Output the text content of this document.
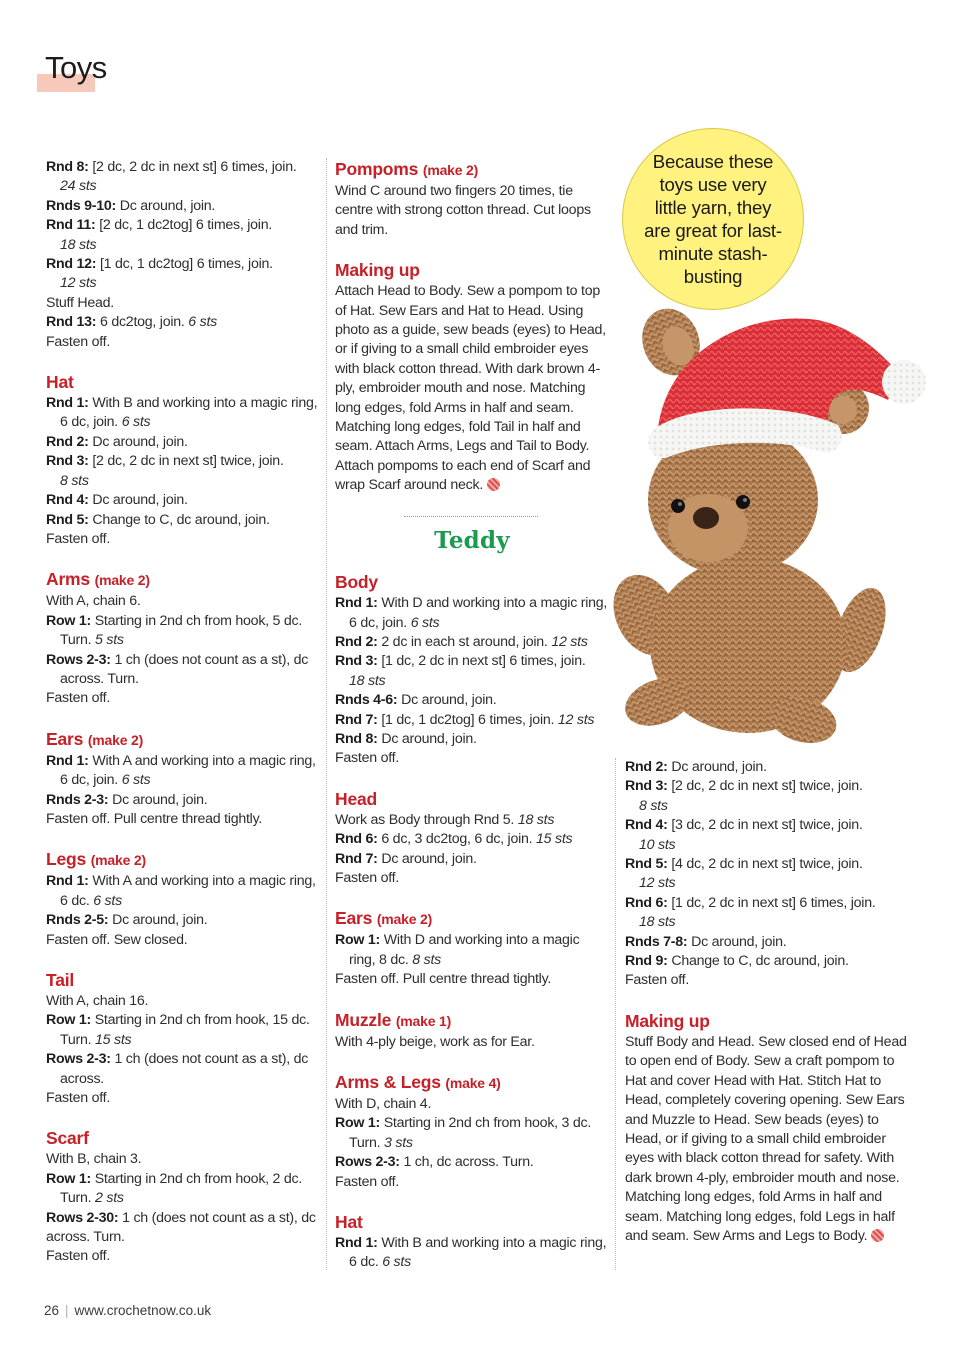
Toys

Rnd 8: [2 dc, 2 dc in next st] 6 times, join.

24 sts

Rnds 9-10: Dc around, join.

Rnd 11: [2 dc, 1 dc2tog] 6 times, join.

18 sts

Rnd 12: [1 dc, 1 dc2tog] 6 times, join.

12 sts

Stuff Head.

Rnd 13: 6 dc2tog, join. 6 sts

Fasten off.

Hat

Rnd 1: With B and working into a magic ring, 6 dc, join. 6 sts

Rnd 2: Dc around, join.

Rnd 3: [2 dc, 2 dc in next st] twice, join.

8 sts

Rnd 4: Dc around, join.

Rnd 5: Change to C, dc around, join.

Fasten off.

Arms (make 2)

With A, chain 6.

Row 1: Starting in 2nd ch from hook, 5 dc. Turn. 5 sts

Rows 2-3: 1 ch (does not count as a st), dc across. Turn.

Fasten off.

Ears (make 2)

Rnd 1: With A and working into a magic ring, 6 dc, join. 6 sts

Rnds 2-3: Dc around, join.

Fasten off. Pull centre thread tightly.

Legs (make 2)

Rnd 1: With A and working into a magic ring, 6 dc. 6 sts

Rnds 2-5: Dc around, join.

Fasten off. Sew closed.

Tail

With A, chain 16.

Row 1: Starting in 2nd ch from hook, 15 dc. Turn. 15 sts

Rows 2-3: 1 ch (does not count as a st), dc across.

Fasten off.

Scarf

With B, chain 3.

Row 1: Starting in 2nd ch from hook, 2 dc. Turn. 2 sts

Rows 2-30: 1 ch (does not count as a st), dc across. Turn.

Fasten off.

Pompoms (make 2)

Wind C around two fingers 20 times, tie centre with strong cotton thread. Cut loops and trim.

Making up

Attach Head to Body. Sew a pompom to top of Hat. Sew Ears and Hat to Head. Using photo as a guide, sew beads (eyes) to Head, or if giving to a small child embroider eyes with black cotton thread. With dark brown 4-ply, embroider mouth and nose. Matching long edges, fold Arms in half and seam. Matching long edges, fold Tail in half and seam. Attach Arms, Legs and Tail to Body. Attach pompoms to each end of Scarf and wrap Scarf around neck.

Teddy
Body

Rnd 1: With D and working into a magic ring, 6 dc, join. 6 sts

Rnd 2: 2 dc in each st around, join. 12 sts

Rnd 3: [1 dc, 2 dc in next st] 6 times, join.

18 sts

Rnds 4-6: Dc around, join.

Rnd 7: [1 dc, 1 dc2tog] 6 times, join. 12 sts

Rnd 8: Dc around, join.

Fasten off.

Head

Work as Body through Rnd 5. 18 sts

Rnd 6: 6 dc, 3 dc2tog, 6 dc, join. 15 sts

Rnd 7: Dc around, join.

Fasten off.

Ears (make 2)

Row 1: With D and working into a magic ring, 8 dc. 8 sts

Fasten off. Pull centre thread tightly.

Muzzle (make 1)

With 4-ply beige, work as for Ear.

Arms & Legs (make 4)

With D, chain 4.

Row 1: Starting in 2nd ch from hook, 3 dc. Turn. 3 sts

Rows 2-3: 1 ch, dc across. Turn.

Fasten off.

Hat

Rnd 1: With B and working into a magic ring, 6 dc. 6 sts

Because these toys use very little yarn, they are great for last-minute stash-busting

Rnd 2: Dc around, join.

Rnd 3: [2 dc, 2 dc in next st] twice, join.

8 sts

Rnd 4: [3 dc, 2 dc in next st] twice, join.

10 sts

Rnd 5: [4 dc, 2 dc in next st] twice, join.

12 sts

Rnd 6: [1 dc, 2 dc in next st] 6 times, join.

18 sts

Rnds 7-8: Dc around, join.

Rnd 9: Change to C, dc around, join.

Fasten off.

Making up

Stuff Body and Head. Sew closed end of Head to open end of Body. Sew a craft pompom to Hat and cover Head with Hat. Stitch Hat to Head, completely covering opening. Sew Ears and Muzzle to Head. Sew beads (eyes) to Head, or if giving to a small child embroider eyes with black cotton thread for safety. With dark brown 4-ply, embroider mouth and nose. Matching long edges, fold Arms in half and seam. Matching long edges, fold Legs in half and seam. Sew Arms and Legs to Body.

26 | www.crochetnow.co.uk
